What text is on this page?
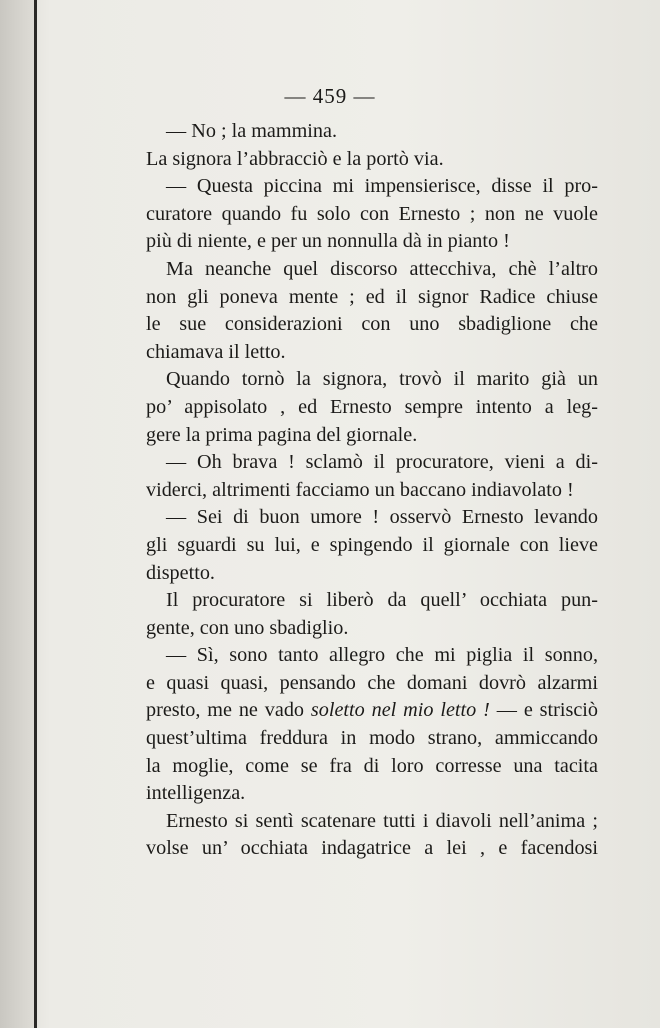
— 459 —
— No ; la mammina.
La signora l’abbracciò e la portò via.
— Questa piccina mi impensierisce, disse il pro-
curatore quando fu solo con Ernesto ; non ne vuole
più di niente, e per un nonnulla dà in pianto !
Ma neanche quel discorso attecchiva, chè l’altro
non gli poneva mente ; ed il signor Radice chiuse
le sue considerazioni con uno sbadiglione che
chiamava il letto.
Quando tornò la signora, trovò il marito già un
po’ appisolato , ed Ernesto sempre intento a leg-
gere la prima pagina del giornale.
— Oh brava ! sclamò il procuratore, vieni a di-
viderci, altrimenti facciamo un baccano indiavolato !
— Sei di buon umore ! osservò Ernesto levando
gli sguardi su lui, e spingendo il giornale con lieve
dispetto.
Il procuratore si liberò da quell’ occhiata pun-
gente, con uno sbadiglio.
— Sì, sono tanto allegro che mi piglia il sonno,
e quasi quasi, pensando che domani dovrò alzarmi
presto, me ne vado soletto nel mio letto ! — e strisciò
quest’ultima freddura in modo strano, ammiccando
la moglie, come se fra di loro corresse una tacita
intelligenza.
Ernesto si sentì scatenare tutti i diavoli nell’anima ;
volse un’ occhiata indagatrice a lei , e facendosi
